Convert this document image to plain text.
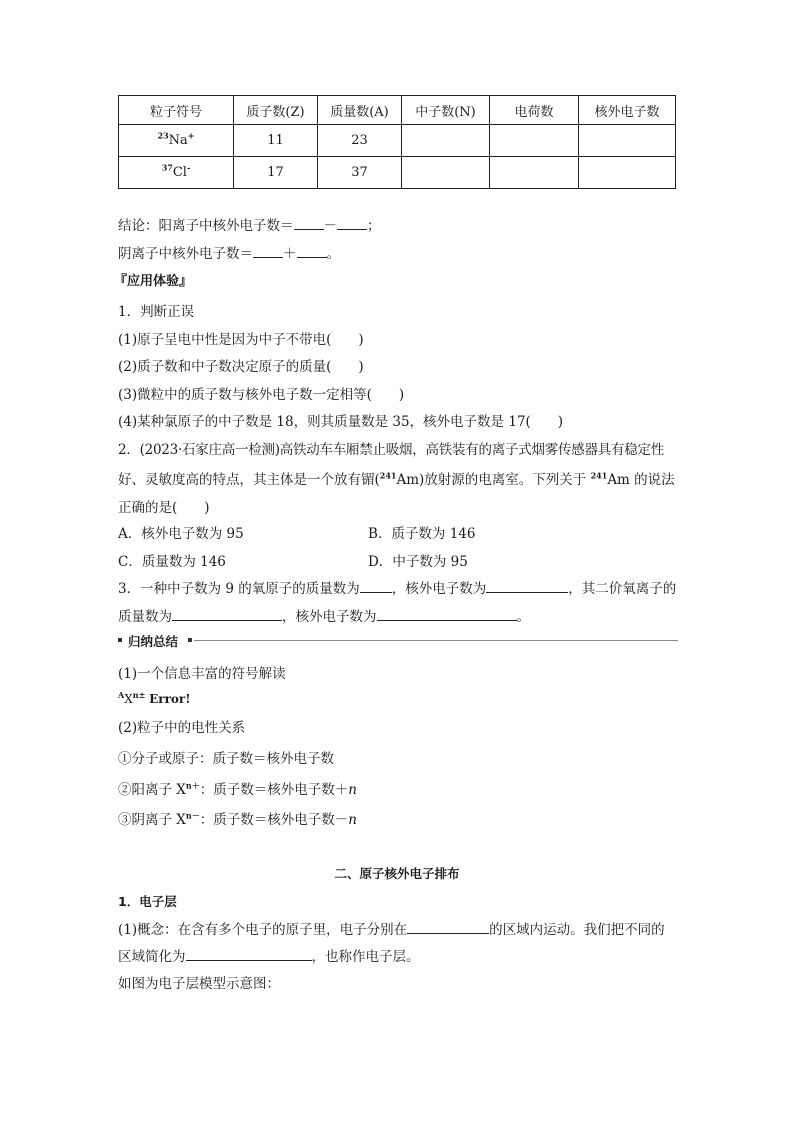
粒子符号	质子数(Z)	质量数(A)	中子数(N)	电荷数	核外电子数
$^{23}$Na+	11	23			
$^{37}$Cl-	17	37			
结论：阳离子中核外电子数＝ － ；
阴离子中核外电子数＝ ＋ 。
『应用体验』
1．判断正误
(1)原子呈电中性是因为中子不带电(　　)
(2)质子数和中子数决定原子的质量(　　)
(3)微粒中的质子数与核外电子数一定相等(　　)
(4)某种氯原子的中子数是 18，则其质量数是 35，核外电子数是 17(　　)
2．(2023·石家庄高一检测)高铁动车车厢禁止吸烟，高铁装有的离子式烟雾传感器具有稳定性
好、灵敏度高的特点，其主体是一个放有镅($^{241}$Am)放射源的电离室。下列关于 $^{241}$Am 的说法
正确的是(　　)
A．核外电子数为 95	B．质子数为 146
C．质量数为 146	D．中子数为 95
3．一种中子数为 9 的氧原子的质量数为 ，核外电子数为	，其二价氧离子的
质量数为	，核外电子数为	。
归纳总结
(1)一个信息丰富的符号解读
$^AX^{n\pm}$ Error!
(2)粒子中的电性关系
①分子或原子：质子数＝核外电子数
②阳离子 $X^{n+}$：质子数＝核外电子数＋n
③阴离子 $X^{n-}$：质子数＝核外电子数－n
二、原子核外电子排布
1．电子层
(1)概念：在含有多个电子的原子里，电子分别在	的区域内运动。我们把不同的
区域简化为	，也称作电子层。
如图为电子层模型示意图：
